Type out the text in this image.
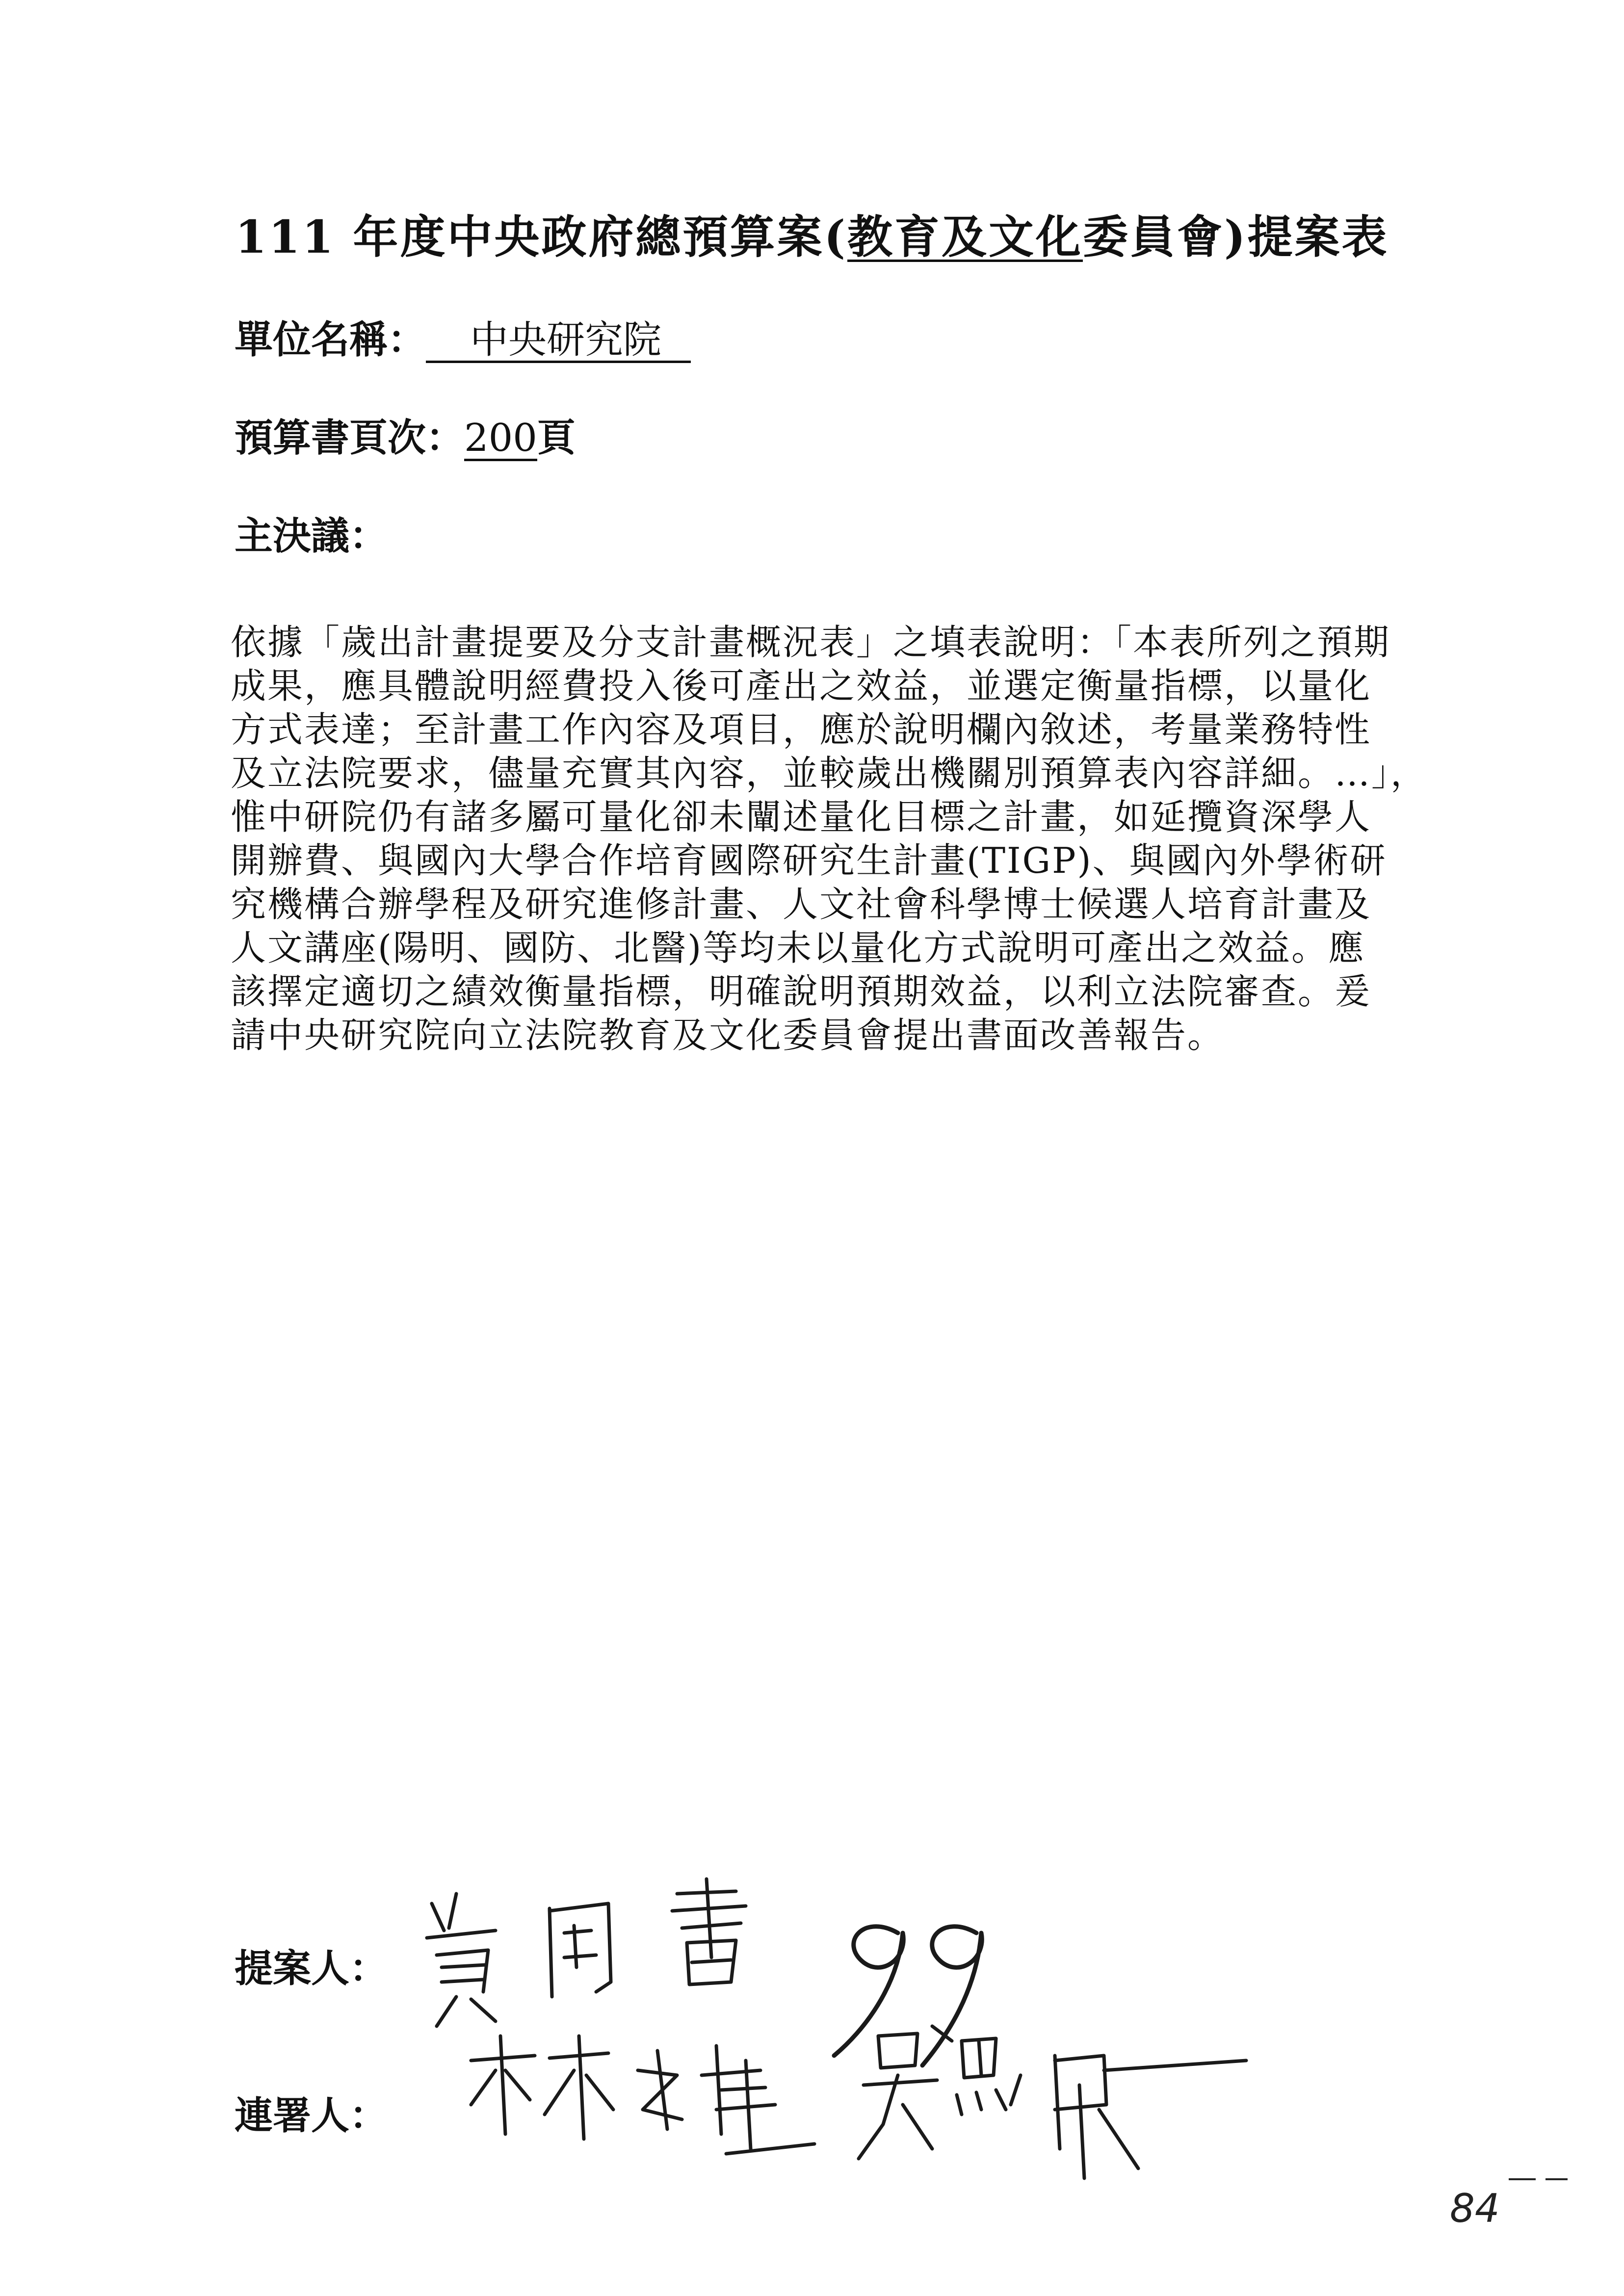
111 年度中央政府總預算案(教育及文化委員會)提案表
單位名稱： 中央研究院
預算書頁次：200頁
主決議：

依據「歲出計畫提要及分支計畫概況表」之填表說明：「本表所列之預期

成果，應具體說明經費投入後可產出之效益，並選定衡量指標，以量化

方式表達；至計畫工作內容及項目，應於說明欄內敘述，考量業務特性

及立法院要求，儘量充實其內容，並較歲出機關別預算表內容詳細。…」，

惟中研院仍有諸多屬可量化卻未闡述量化目標之計畫，如延攬資深學人

開辦費、與國內大學合作培育國際研究生計畫(TIGP)、與國內外學術研

究機構合辦學程及研究進修計畫、人文社會科學博士候選人培育計畫及

人文講座(陽明、國防、北醫)等均未以量化方式說明可產出之效益。應

該擇定適切之績效衡量指標，明確說明預期效益，以利立法院審查。爰

請中央研究院向立法院教育及文化委員會提出書面改善報告。

提案人：
連署人：
84
